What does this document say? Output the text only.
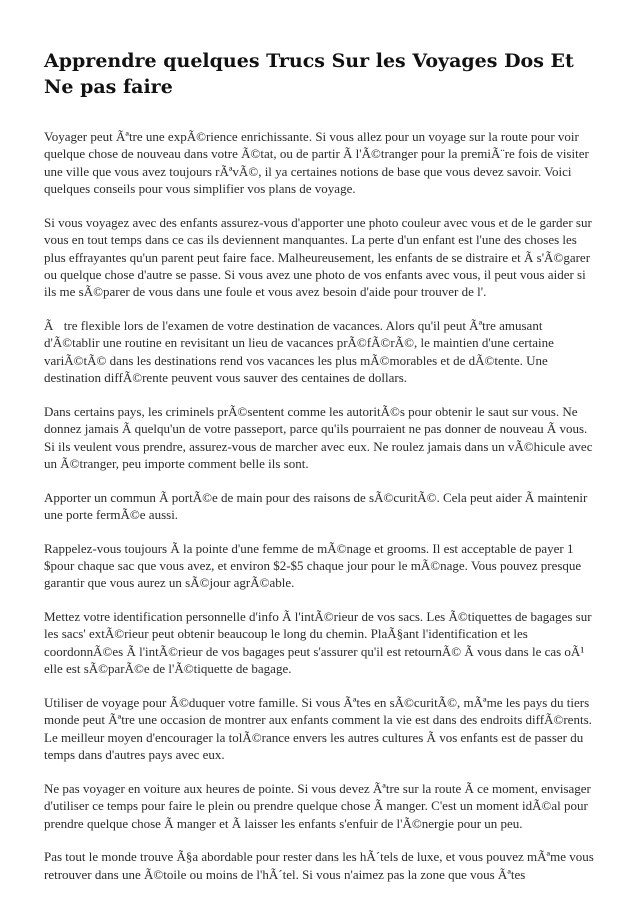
Apprendre quelques Trucs Sur les Voyages Dos Et Ne pas faire

Voyager peut Ãªtre une expÃ©rience enrichissante. Si vous allez pour un voyage sur la route pour voir quelque chose de nouveau dans votre Ã©tat, ou de partir Ã l'Ã©tranger pour la premiÃ¨re fois de visiter une ville que vous avez toujours rÃªvÃ©, il ya certaines notions de base que vous devez savoir. Voici quelques conseils pour vous simplifier vos plans de voyage.

Si vous voyagez avec des enfants assurez-vous d'apporter une photo couleur avec vous et de le garder sur vous en tout temps dans ce cas ils deviennent manquantes. La perte d'un enfant est l'une des choses les plus effrayantes qu'un parent peut faire face. Malheureusement, les enfants de se distraire et Ã s'Ã©garer ou quelque chose d'autre se passe. Si vous avez une photo de vos enfants avec vous, il peut vous aider si ils me sÃ©parer de vous dans une foule et vous avez besoin d'aide pour trouver de l'.

Ãtre flexible lors de l'examen de votre destination de vacances. Alors qu'il peut Ãªtre amusant d'Ã©tablir une routine en revisitant un lieu de vacances prÃ©fÃ©rÃ©, le maintien d'une certaine variÃ©tÃ© dans les destinations rend vos vacances les plus mÃ©morables et de dÃ©tente. Une destination diffÃ©rente peuvent vous sauver des centaines de dollars.

Dans certains pays, les criminels prÃ©sentent comme les autoritÃ©s pour obtenir le saut sur vous. Ne donnez jamais Ã quelqu'un de votre passeport, parce qu'ils pourraient ne pas donner de nouveau Ã vous. Si ils veulent vous prendre, assurez-vous de marcher avec eux. Ne roulez jamais dans un vÃ©hicule avec un Ã©tranger, peu importe comment belle ils sont.

Apporter un commun Ã portÃ©e de main pour des raisons de sÃ©curitÃ©. Cela peut aider Ã maintenir une porte fermÃ©e aussi.

Rappelez-vous toujours Ã la pointe d'une femme de mÃ©nage et grooms. Il est acceptable de payer 1 $pour chaque sac que vous avez, et environ $2-$5 chaque jour pour le mÃ©nage. Vous pouvez presque garantir que vous aurez un sÃ©jour agrÃ©able.

Mettez votre identification personnelle d'info Ã l'intÃ©rieur de vos sacs. Les Ã©tiquettes de bagages sur les sacs' extÃ©rieur peut obtenir beaucoup le long du chemin. PlaÃ§ant l'identification et les coordonnÃ©es Ã l'intÃ©rieur de vos bagages peut s'assurer qu'il est retournÃ© Ã vous dans le cas oÃ¹ elle est sÃ©parÃ©e de l'Ã©tiquette de bagage.

Utiliser de voyage pour Ã©duquer votre famille. Si vous Ãªtes en sÃ©curitÃ©, mÃªme les pays du tiers monde peut Ãªtre une occasion de montrer aux enfants comment la vie est dans des endroits diffÃ©rents. Le meilleur moyen d'encourager la tolÃ©rance envers les autres cultures Ã vos enfants est de passer du temps dans d'autres pays avec eux.

Ne pas voyager en voiture aux heures de pointe. Si vous devez Ãªtre sur la route Ã ce moment, envisager d'utiliser ce temps pour faire le plein ou prendre quelque chose Ã manger. C'est un moment idÃ©al pour prendre quelque chose Ã manger et Ã laisser les enfants s'enfuir de l'Ã©nergie pour un peu.

Pas tout le monde trouve Ã§a abordable pour rester dans les hÃ´tels de luxe, et vous pouvez mÃªme vous retrouver dans une Ã©toile ou moins de l'hÃ´tel. Si vous n'aimez pas la zone que vous Ãªtes
